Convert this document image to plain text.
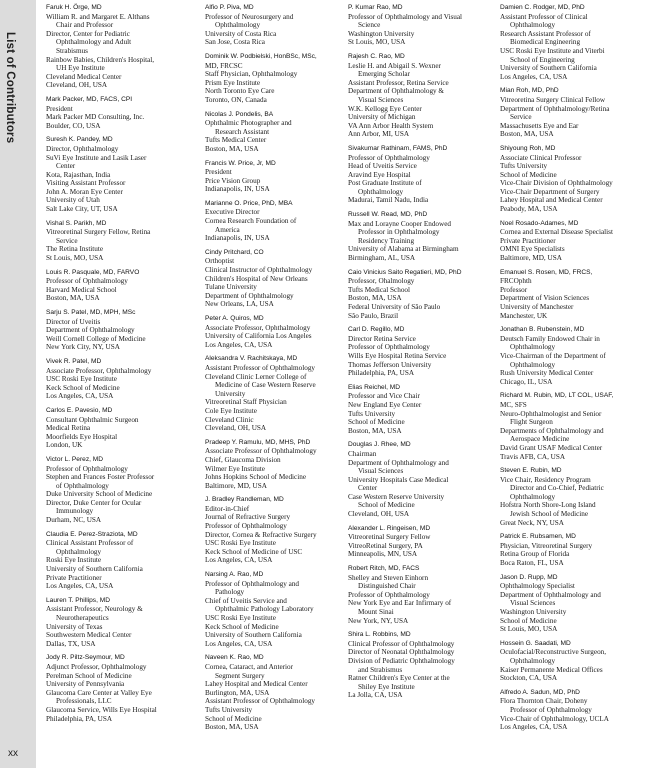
List of Contributors
xx
Faruk H. Örge, MD
William R. and Margaret E. Althans
Chair and Professor
Director, Center for Pediatric
Ophthalmology and Adult
Strabismus
Rainbow Babies, Children's Hospital,
UH Eye Institute
Cleveland Medical Center
Cleveland, OH, USA
Mark Packer, MD, FACS, CPI
President
Mark Packer MD Consulting, Inc.
Boulder, CO, USA
Suresh K. Pandey, MD
Director, Ophthalmology
SuVi Eye Institute and Lasik Laser
Center
Kota, Rajasthan, India
Visiting Assistant Professor
John A. Moran Eye Center
University of Utah
Salt Lake City, UT, USA
Vishal S. Parikh, MD
Vitreoretinal Surgery Fellow, Retina
Service
The Retina Institute
St Louis, MO, USA
Louis R. Pasquale, MD, FARVO
Professor of Ophthalmology
Harvard Medical School
Boston, MA, USA
Sarju S. Patel, MD, MPH, MSc
Director of Uveitis
Department of Ophthalmology
Weill Cornell College of Medicine
New York City, NY, USA
Vivek R. Patel, MD
Associate Professor, Ophthalmology
USC Roski Eye Institute
Keck School of Medicine
Los Angeles, CA, USA
Carlos E. Pavesio, MD
Consultant Ophthalmic Surgeon
Medical Retina
Moorfields Eye Hospital
London, UK
Victor L. Perez, MD
Professor of Ophthalmology
Stephen and Frances Foster Professor
of Ophthalmology
Duke University School of Medicine
Director, Duke Center for Ocular
Immunology
Durham, NC, USA
Claudia E. Perez-Straziota, MD
Clinical Assistant Professor of
Ophthalmology
Roski Eye Institute
University of Southern California
Private Practitioner
Los Angeles, CA, USA
Lauren T. Phillips, MD
Assistant Professor, Neurology &
Neurotherapeutics
University of Texas
Southwestern Medical Center
Dallas, TX, USA
Jody R. Piltz-Seymour, MD
Adjunct Professor, Ophthalmology
Perelman School of Medicine
University of Pennsylvania
Glaucoma Care Center at Valley Eye
Professionals, LLC
Glaucoma Service, Wills Eye Hospital
Philadelphia, PA, USA
Alfio P. Piva, MD
Professor of Neurosurgery and
Ophthalmology
University of Costa Rica
San Jose, Costa Rica
Dominik W. Podbielski, HonBSc, MSc,
MD, FRCSC
Staff Physician, Ophthalmology
Prism Eye Institute
North Toronto Eye Care
Toronto, ON, Canada
Nicolas J. Pondelis, BA
Ophthalmic Photographer and
Research Assistant
Tufts Medical Center
Boston, MA, USA
Francis W. Price, Jr, MD
President
Price Vision Group
Indianapolis, IN, USA
Marianne O. Price, PhD, MBA
Executive Director
Cornea Research Foundation of
America
Indianapolis, IN, USA
Cindy Pritchard, CO
Orthoptist
Clinical Instructor of Ophthalmology
Children's Hospital of New Orleans
Tulane University
Department of Ophthalmology
New Orleans, LA, USA
Peter A. Quiros, MD
Associate Professor, Ophthalmology
University of California Los Angeles
Los Angeles, CA, USA
Aleksandra V. Rachitskaya, MD
Assistant Professor of Ophthalmology
Cleveland Clinic Lerner College of
Medicine of Case Western Reserve
University
Vitreoretinal Staff Physician
Cole Eye Institute
Cleveland Clinic
Cleveland, OH, USA
Pradeep Y. Ramulu, MD, MHS, PhD
Associate Professor of Ophthalmology
Chief, Glaucoma Division
Wilmer Eye Institute
Johns Hopkins School of Medicine
Baltimore, MD, USA
J. Bradley Randleman, MD
Editor-in-Chief
Journal of Refractive Surgery
Professor of Ophthalmology
Director, Cornea & Refractive Surgery
USC Roski Eye Institute
Keck School of Medicine of USC
Los Angeles, CA, USA
Narsing A. Rao, MD
Professor of Ophthalmology and
Pathology
Chief of Uveitis Service and
Ophthalmic Pathology Laboratory
USC Roski Eye Institute
Keck School of Medicine
University of Southern California
Los Angeles, CA, USA
Naveen K. Rao, MD
Cornea, Cataract, and Anterior
Segment Surgery
Lahey Hospital and Medical Center
Burlington, MA, USA
Assistant Professor of Ophthalmology
Tufts University
School of Medicine
Boston, MA, USA
P. Kumar Rao, MD
Professor of Ophthalmology and Visual
Science
Washington University
St Louis, MO, USA
Rajesh C. Rao, MD
Leslie H. and Abigail S. Wexner
Emerging Scholar
Assistant Professor, Retina Service
Department of Ophthalmology &
Visual Sciences
W.K. Kellogg Eye Center
University of Michigan
VA Ann Arbor Health System
Ann Arbor, MI, USA
Sivakumar Rathinam, FAMS, PhD
Professor of Ophthalmology
Head of Uveitis Service
Aravind Eye Hospital
Post Graduate Institute of
Ophthalmology
Madurai, Tamil Nadu, India
Russell W. Read, MD, PhD
Max and Lorayne Cooper Endowed
Professor in Ophthalmology
Residency Training
University of Alabama at Birmingham
Birmingham, AL, USA
Caio Vinicius Saito Regatieri, MD, PhD
Professor, Ohalmology
Tufts Medical School
Boston, MA, USA
Federal University of São Paulo
São Paulo, Brazil
Carl D. Regillo, MD
Director Retina Service
Professor of Ophthalmology
Wills Eye Hospital Retina Service
Thomas Jefferson University
Philadelphia, PA, USA
Elias Reichel, MD
Professor and Vice Chair
New England Eye Center
Tufts University
School of Medicine
Boston, MA, USA
Douglas J. Rhee, MD
Chairman
Department of Ophthalmology and
Visual Sciences
University Hospitals Case Medical
Center
Case Western Reserve University
School of Medicine
Cleveland, OH, USA
Alexander L. Ringeisen, MD
Vitreoretinal Surgery Fellow
VitreoRetinal Surgery, PA
Minneapolis, MN, USA
Robert Ritch, MD, FACS
Shelley and Steven Einhorn
Distinguished Chair
Professor of Ophthalmology
New York Eye and Ear Infirmary of
Mount Sinai
New York, NY, USA
Shira L. Robbins, MD
Clinical Professor of Ophthalmology
Director of Neonatal Ophthalmology
Division of Pediatric Ophthalmology
and Strabismus
Ratner Children's Eye Center at the
Shiley Eye Institute
La Jolla, CA, USA
Damien C. Rodger, MD, PhD
Assistant Professor of Clinical
Ophthalmology
Research Assistant Professor of
Biomedical Engineering
USC Roski Eye Institute and Viterbi
School of Engineering
University of Southern California
Los Angeles, CA, USA
Mian Roh, MD, PhD
Vitreoretina Surgery Clinical Fellow
Department of Ophthalmology/Retina
Service
Massachusetts Eye and Ear
Boston, MA, USA
Shiyoung Roh, MD
Associate Clinical Professor
Tufts University
School of Medicine
Vice-Chair Division of Ophthalmology
Vice-Chair Department of Surgery
Lahey Hospital and Medical Center
Peabody, MA, USA
Noel Rosado-Adames, MD
Cornea and External Disease Specialist
Private Practitioner
OMNI Eye Specialists
Baltimore, MD, USA
Emanuel S. Rosen, MD, FRCS,
FRCOphth
Professor
Department of Vision Sciences
University of Manchester
Manchester, UK
Jonathan B. Rubenstein, MD
Deutsch Family Endowed Chair in
Ophthalmology
Vice-Chairman of the Department of
Ophthalmology
Rush University Medical Center
Chicago, IL, USA
Richard M. Rubin, MD, LT COL, USAF,
MC, SFS
Neuro-Ophthalmologist and Senior
Flight Surgeon
Departments of Ophthalmology and
Aerospace Medicine
David Grant USAF Medical Center
Travis AFB, CA, USA
Steven E. Rubin, MD
Vice Chair, Residency Program
Director and Co-Chief, Pediatric
Ophthalmology
Hofstra North Shore-Long Island
Jewish School of Medicine
Great Neck, NY, USA
Patrick E. Rubsamen, MD
Physician, Vitreoretinal Surgery
Retina Group of Florida
Boca Raton, FL, USA
Jason D. Rupp, MD
Ophthalmology Specialist
Department of Ophthalmology and
Visual Sciences
Washington University
School of Medicine
St Louis, MO, USA
Hossein G. Saadati, MD
Oculofacial/Reconstructive Surgeon,
Ophthalmology
Kaiser Permanente Medical Offices
Stockton, CA, USA
Alfredo A. Sadun, MD, PhD
Flora Thornton Chair, Doheny
Professor of Ophthalmology
Vice-Chair of Ophthalmology, UCLA
Los Angeles, CA, USA
